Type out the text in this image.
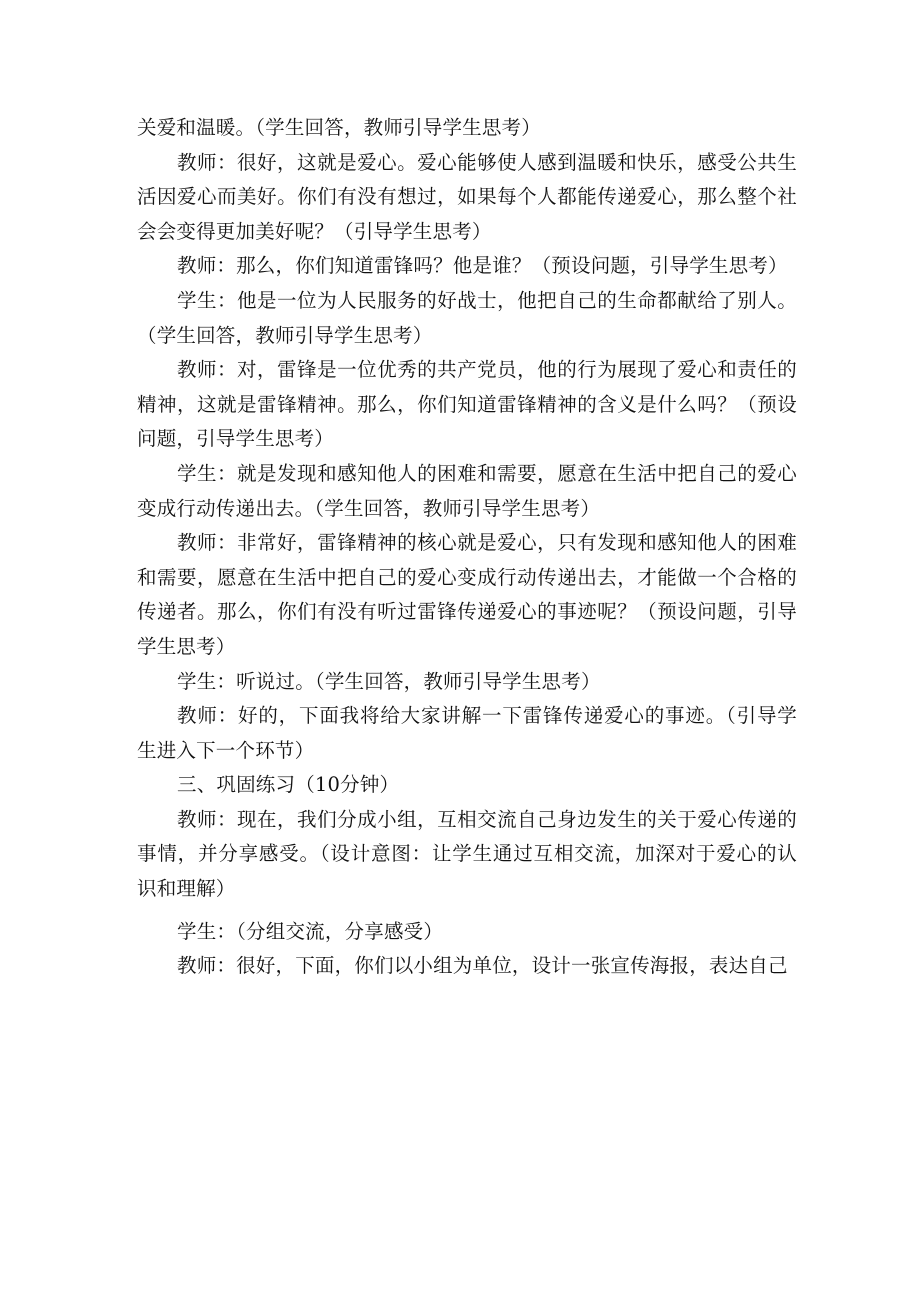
关爱和温暖。（学生回答，教师引导学生思考）

教师：很好，这就是爱心。爱心能够使人感到温暖和快乐，感受公共生活因爱心而美好。你们有没有想过，如果每个人都能传递爱心，那么整个社会会变得更加美好呢？（引导学生思考）

教师：那么，你们知道雷锋吗？他是谁？（预设问题，引导学生思考）

学生：他是一位为人民服务的好战士，他把自己的生命都献给了别人。（学生回答，教师引导学生思考）

教师：对，雷锋是一位优秀的共产党员，他的行为展现了爱心和责任的精神，这就是雷锋精神。那么，你们知道雷锋精神的含义是什么吗？（预设问题，引导学生思考）

学生：就是发现和感知他人的困难和需要，愿意在生活中把自己的爱心变成行动传递出去。（学生回答，教师引导学生思考）

教师：非常好，雷锋精神的核心就是爱心，只有发现和感知他人的困难和需要，愿意在生活中把自己的爱心变成行动传递出去，才能做一个合格的传递者。那么，你们有没有听过雷锋传递爱心的事迹呢？（预设问题，引导学生思考）

学生：听说过。（学生回答，教师引导学生思考）

教师：好的，下面我将给大家讲解一下雷锋传递爱心的事迹。（引导学生进入下一个环节）

三、巩固练习（10分钟）

教师：现在，我们分成小组，互相交流自己身边发生的关于爱心传递的事情，并分享感受。（设计意图：让学生通过互相交流，加深对于爱心的认识和理解）

学生：（分组交流，分享感受）

教师：很好，下面，你们以小组为单位，设计一张宣传海报，表达自己
